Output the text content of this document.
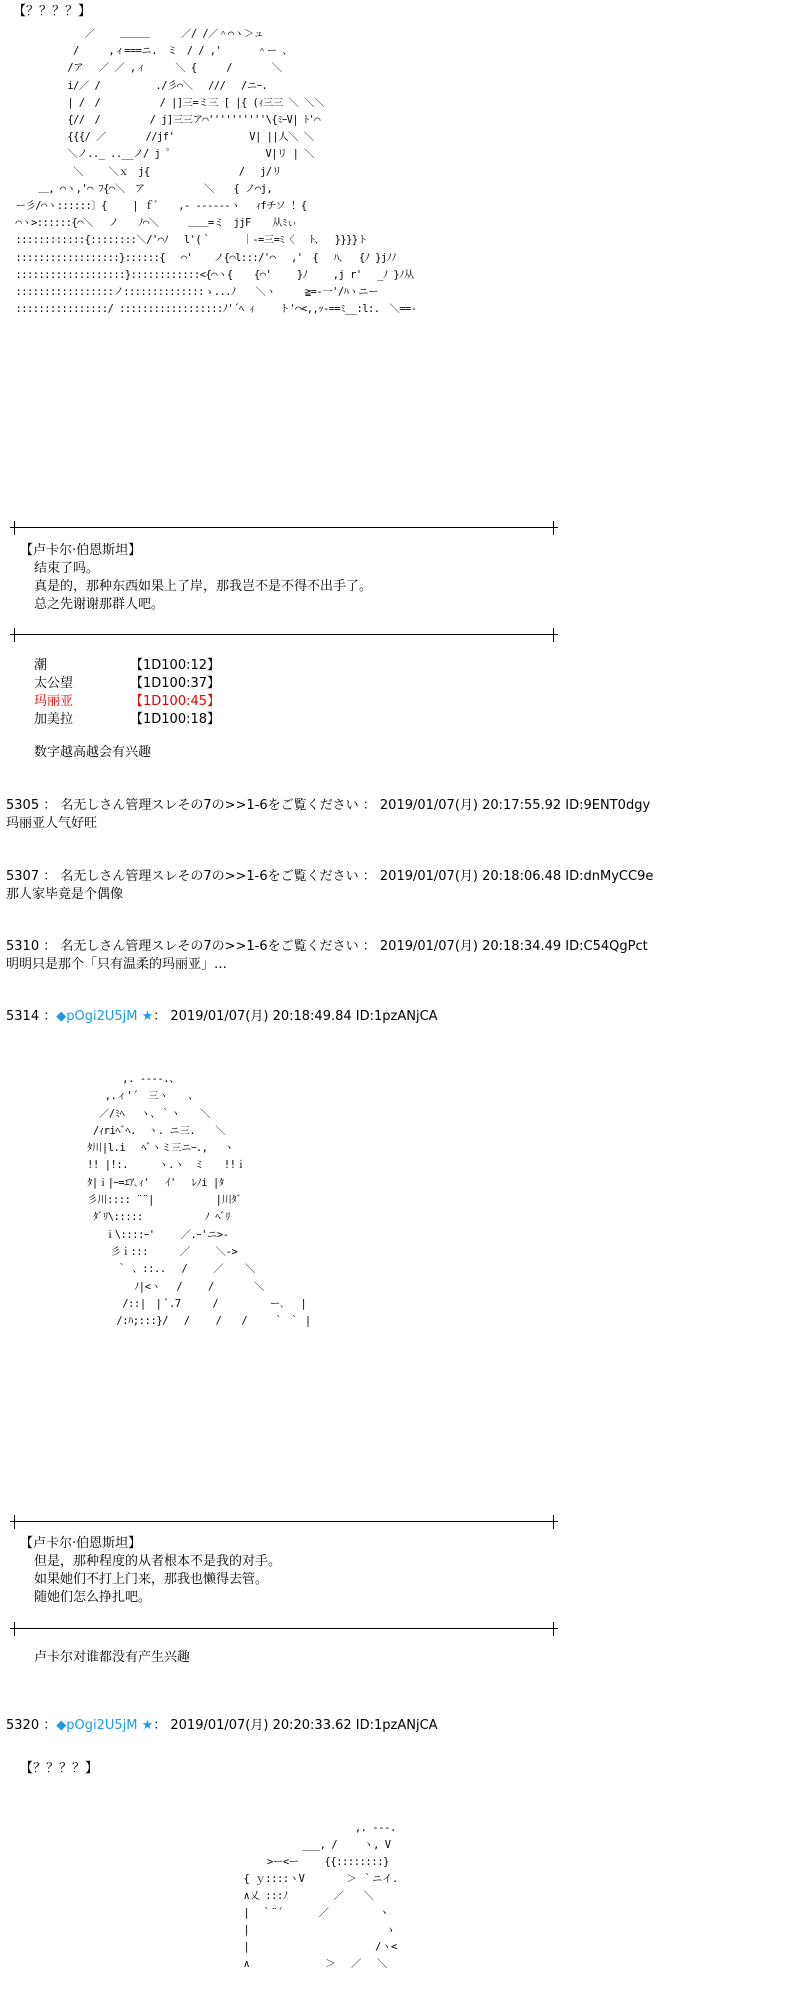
【？？？？】
／　 　＿＿＿　 　 ／/ /／＾⌒ヽ＞ュ
/　　　,ィ===ニ.　ミ　/ / ,'　　　 ＾ー 、
/ア　 ／ ／ ,ィ　　　＼ {　　　/　　　　＼
i/／ /　　　　　 ./彡⌒＼　 ///　 /ニｰ.
| /　/　　　　　　/ |]三=ミ三 [ |{ (ｨ三三 ＼ ＼＼
{//　/　　　　　/ j]三三ア⌒''''''''''\{ﾐｰV| ﾄ'⌒
{{{/ ／　　　　//jf'　　　　　　　 V| ||人＼ ＼
＼ノ.._ ..__ノ/ j ﾟ　　　　　　　　　 V|リ | ＼
＼　　 ＼ｘ　j{　　　　　　　　　/ 　j/リ
＿, ⌒ヽ,'⌒ ﾌ{⌒＼　ア　　　　　　＼　　{ ノ⌒j,
ー彡/⌒ヽ::::::〕{ 　　| ｆﾞ　　,‐ ------ヽ　 ｨfチソ ！{
⌒ヽ>::::::{⌒＼ 　ノ　　ﾉ⌒＼　　　＿＿=ミ　jjF 　 从ﾐぃ
::::::::::::{::::::::＼/'⌒ﾉ　 l'(｀　 　 ｜-=三=ﾐ〈　 ﾄ、　 }}}}ト
::::::::::::::::::}::::::{ 　⌒' 　 ノ{⌒l:::/'⌒　 ,'　{　 ﾊ、　 {ﾉ }jﾉﾉ
:::::::::::::::::::}::::::::::::<{⌒ヽ{ 　 {⌒'　　 }ﾉ　　 ,j r'　 _ﾉ }ﾉ从
:::::::::::::::::ノ::::::::::::::ゝ...ﾉ　　＼ヽ　　　≧=-一'/ﾊヽニー
::::::::::::::::/ ::::::::::::::::::ﾉ'´ﾍ ｨ　　 ト'⌒<,,ｯ‐==ﾐ__:l:.　＼==-
【卢卡尔·伯恩斯坦】
结束了吗。
真是的，那种东西如果上了岸，那我岂不是不得不出手了。
总之先谢谢那群人吧。
潮	【1D100:12】
太公望	【1D100:37】
玛丽亚	【1D100:45】
加美拉	【1D100:18】
数字越高越会有兴趣
5305 ： 名无しさん管理スレその7の>>1-6をご覧ください ： 2019/01/07(月) 20:17:55.92 ID:9ENT0dgy
玛丽亚人气好旺
5307 ： 名无しさん管理スレその7の>>1-6をご覧ください ： 2019/01/07(月) 20:18:06.48 ID:dnMyCC9e
那人家毕竟是个偶像
5310 ： 名无しさん管理スレその7の>>1-6をご覧ください ： 2019/01/07(月) 20:18:34.49 ID:C54QgPct
明明只是那个「只有温柔的玛丽亚」…
5314 ：◆pOgi2U5jM ★： 2019/01/07(月) 20:18:49.84 ID:1pzANjCA
,. --‐-.、
,.ィ'´　三ヽ　　、
／/ﾐﾍ　 ヽ、｀ヽ　　＼
/ｨriﾍﾞﾍ.  ヽ. ニ三.　　＼
ﾀ川|l.i　 ﾍﾞヽミ三ニｰ.,　 ヽ
!! |!:.　　　ヽ.ヽ　ミ　　!!ｉ
ﾀ|ｉ|ｰ=ｴｱ､ｨ'　 ｲ'　 ﾚﾉi |ﾀ
彡川:::: ¨¨|　 　　　　 |川ﾀﾞ
ﾀﾞﾘ\:::::　 　　　　 ﾉ ﾍﾞﾘ
ｉ\::::ｰ'　　 ／.ｰ'ニ>-
彡ｉ:::　 　 ／　　 ＼->
｀ 、::..　 /　　 ／ 　 ＼
ﾉ|<ヽ 　/　　 /　　　　＼
/::|　| ﾞ.7 　　 /　　　 　 ー､　 |
/:ﾊ;:::}/　 /　　 /　　/　　 ｀ ｀ |
【卢卡尔·伯恩斯坦】
但是，那种程度的从者根本不是我的对手。
如果她们不打上门来，那我也懒得去管。
随她们怎么挣扎吧。
卢卡尔对谁都没有产生兴趣
5320 ：◆pOgi2U5jM ★： 2019/01/07(月) 20:20:33.62 ID:1pzANjCA
【？？？？】
,. ‐-‐.
___, /　　 ヽ, V
>ー<ー　　 {{::::::::}
{ ｙ::::ヽV　　　  ＞ ｀ニイ.
∧乂 :::ﾉ　　　　 ／　　＼
|  ｀¨´　　　 ／　　　　　ヽ
|　　　　　　　　　　　　　 ゝ
|　　　　　　　　　　　　 /ヽ<
∧　　　　　　　 ＞　 ／　 ＼
